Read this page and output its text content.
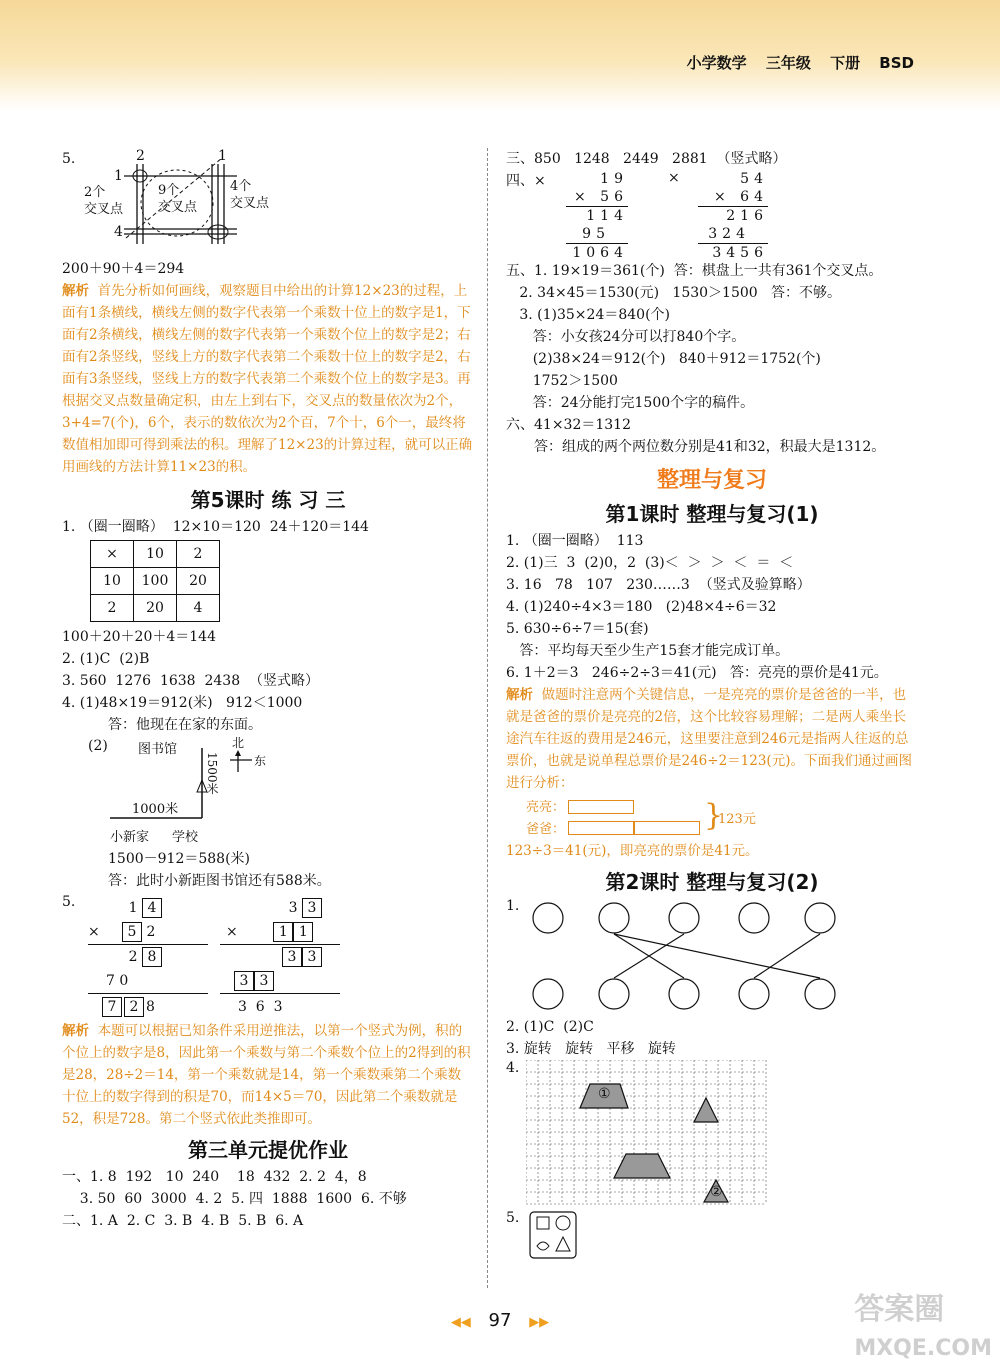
小学数学 三年级 下册 BSD
5.	2	1
1
4
2个
交叉点
9个
交叉点
4个
交叉点
200＋90＋4＝294
解析 首先分析如何画线，观察题目中给出的计算12×23的过程，上面有1条横线，横线左侧的数字代表第一个乘数十位上的数字是1，下面有2条横线，横线左侧的数字代表第一个乘数个位上的数字是2；右面有2条竖线，竖线上方的数字代表第二个乘数十位上的数字是2，右面有3条竖线，竖线上方的数字代表第二个乘数个位上的数字是3。再根据交叉点数量确定积，由左上到右下，交叉点的数量依次为2个，3+4=7(个)，6个，表示的数依次为2个百，7个十，6个一，最终将数值相加即可得到乘法的积。理解了12×23的计算过程，就可以正确用画线的方法计算11×23的积。
第5课时 练 习 三
1. （圈一圈略）  12×10＝120  24＋120＝144
×	10	2
10	100	20
2	20	4
100＋20＋20＋4＝144
2. (1)C  (2)B
3. 560  1276  1638  2438  （竖式略）
4. (1)48×19＝912(米)   912＜1000
答：他现在在家的东面。
(2) 图书馆	北
东
1500米
1000米
小新家 学校
1500－912＝588(米)
答：此时小新距图书馆还有588米。
5.	1 4
×     5 2
2 8
7 0
7 2 8
3 3
×        1 1
3 3
3 3
3  6  3
解析 本题可以根据已知条件采用逆推法，以第一个竖式为例，积的个位上的数字是8，因此第一个乘数与第二个乘数个位上的2得到的积是28，28÷2＝14，第一个乘数就是14，第一个乘数乘第二个乘数十位上的数字得到的积是70，而14×5＝70，因此第二个乘数就是52，积是728。第二个竖式依此类推即可。
第三单元提优作业
一、1. 8  192   10  240    18  432  2. 2  4，8
3. 50  60  3000  4. 2  5. 四  1888  1600  6. 不够
二、1. A  2. C  3. B  4. B  5. B  6. A
三、850   1248   2449   2881  （竖式略）
四、×	19
× 56
114
95
1064
×	54
× 64
216
324
3456
五、1. 19×19＝361(个)  答：棋盘上一共有361个交叉点。
2. 34×45＝1530(元)   1530＞1500   答：不够。
3. (1)35×24＝840(个)
答：小女孩24分可以打840个字。
(2)38×24＝912(个)   840＋912＝1752(个)
1752＞1500
答：24分能打完1500个字的稿件。
六、41×32＝1312
答：组成的两个两位数分别是41和32，积最大是1312。
整理与复习
第1课时 整理与复习(1)
1. （圈一圈略）  113
2. (1)三  3  (2)0，2  (3)＜  ＞  ＞  ＜  ＝  ＜
3. 16   78   107   230……3  （竖式及验算略）
4. (1)240÷4×3＝180   (2)48×4÷6＝32
5. 630÷6÷7＝15(套)
答：平均每天至少生产15套才能完成订单。
6. 1＋2＝3   246÷2÷3＝41(元)   答：亮亮的票价是41元。
解析 做题时注意两个关键信息，一是亮亮的票价是爸爸的一半，也就是爸爸的票价是亮亮的2倍，这个比较容易理解；二是两人乘坐长途汽车往返的费用是246元，这里要注意到246元是指两人往返的总票价，也就是说单程总票价是246÷2＝123(元)。下面我们通过画图进行分析：
亮亮：
爸爸：	}
123元
123÷3＝41(元)，即亮亮的票价是41元。
第2课时 整理与复习(2)
1.
2. (1)C  (2)C
3. 旋转   旋转   平移   旋转
4.
①
②
5.
◀◀ 97 ▶▶	答案圈
MXQE.COM
